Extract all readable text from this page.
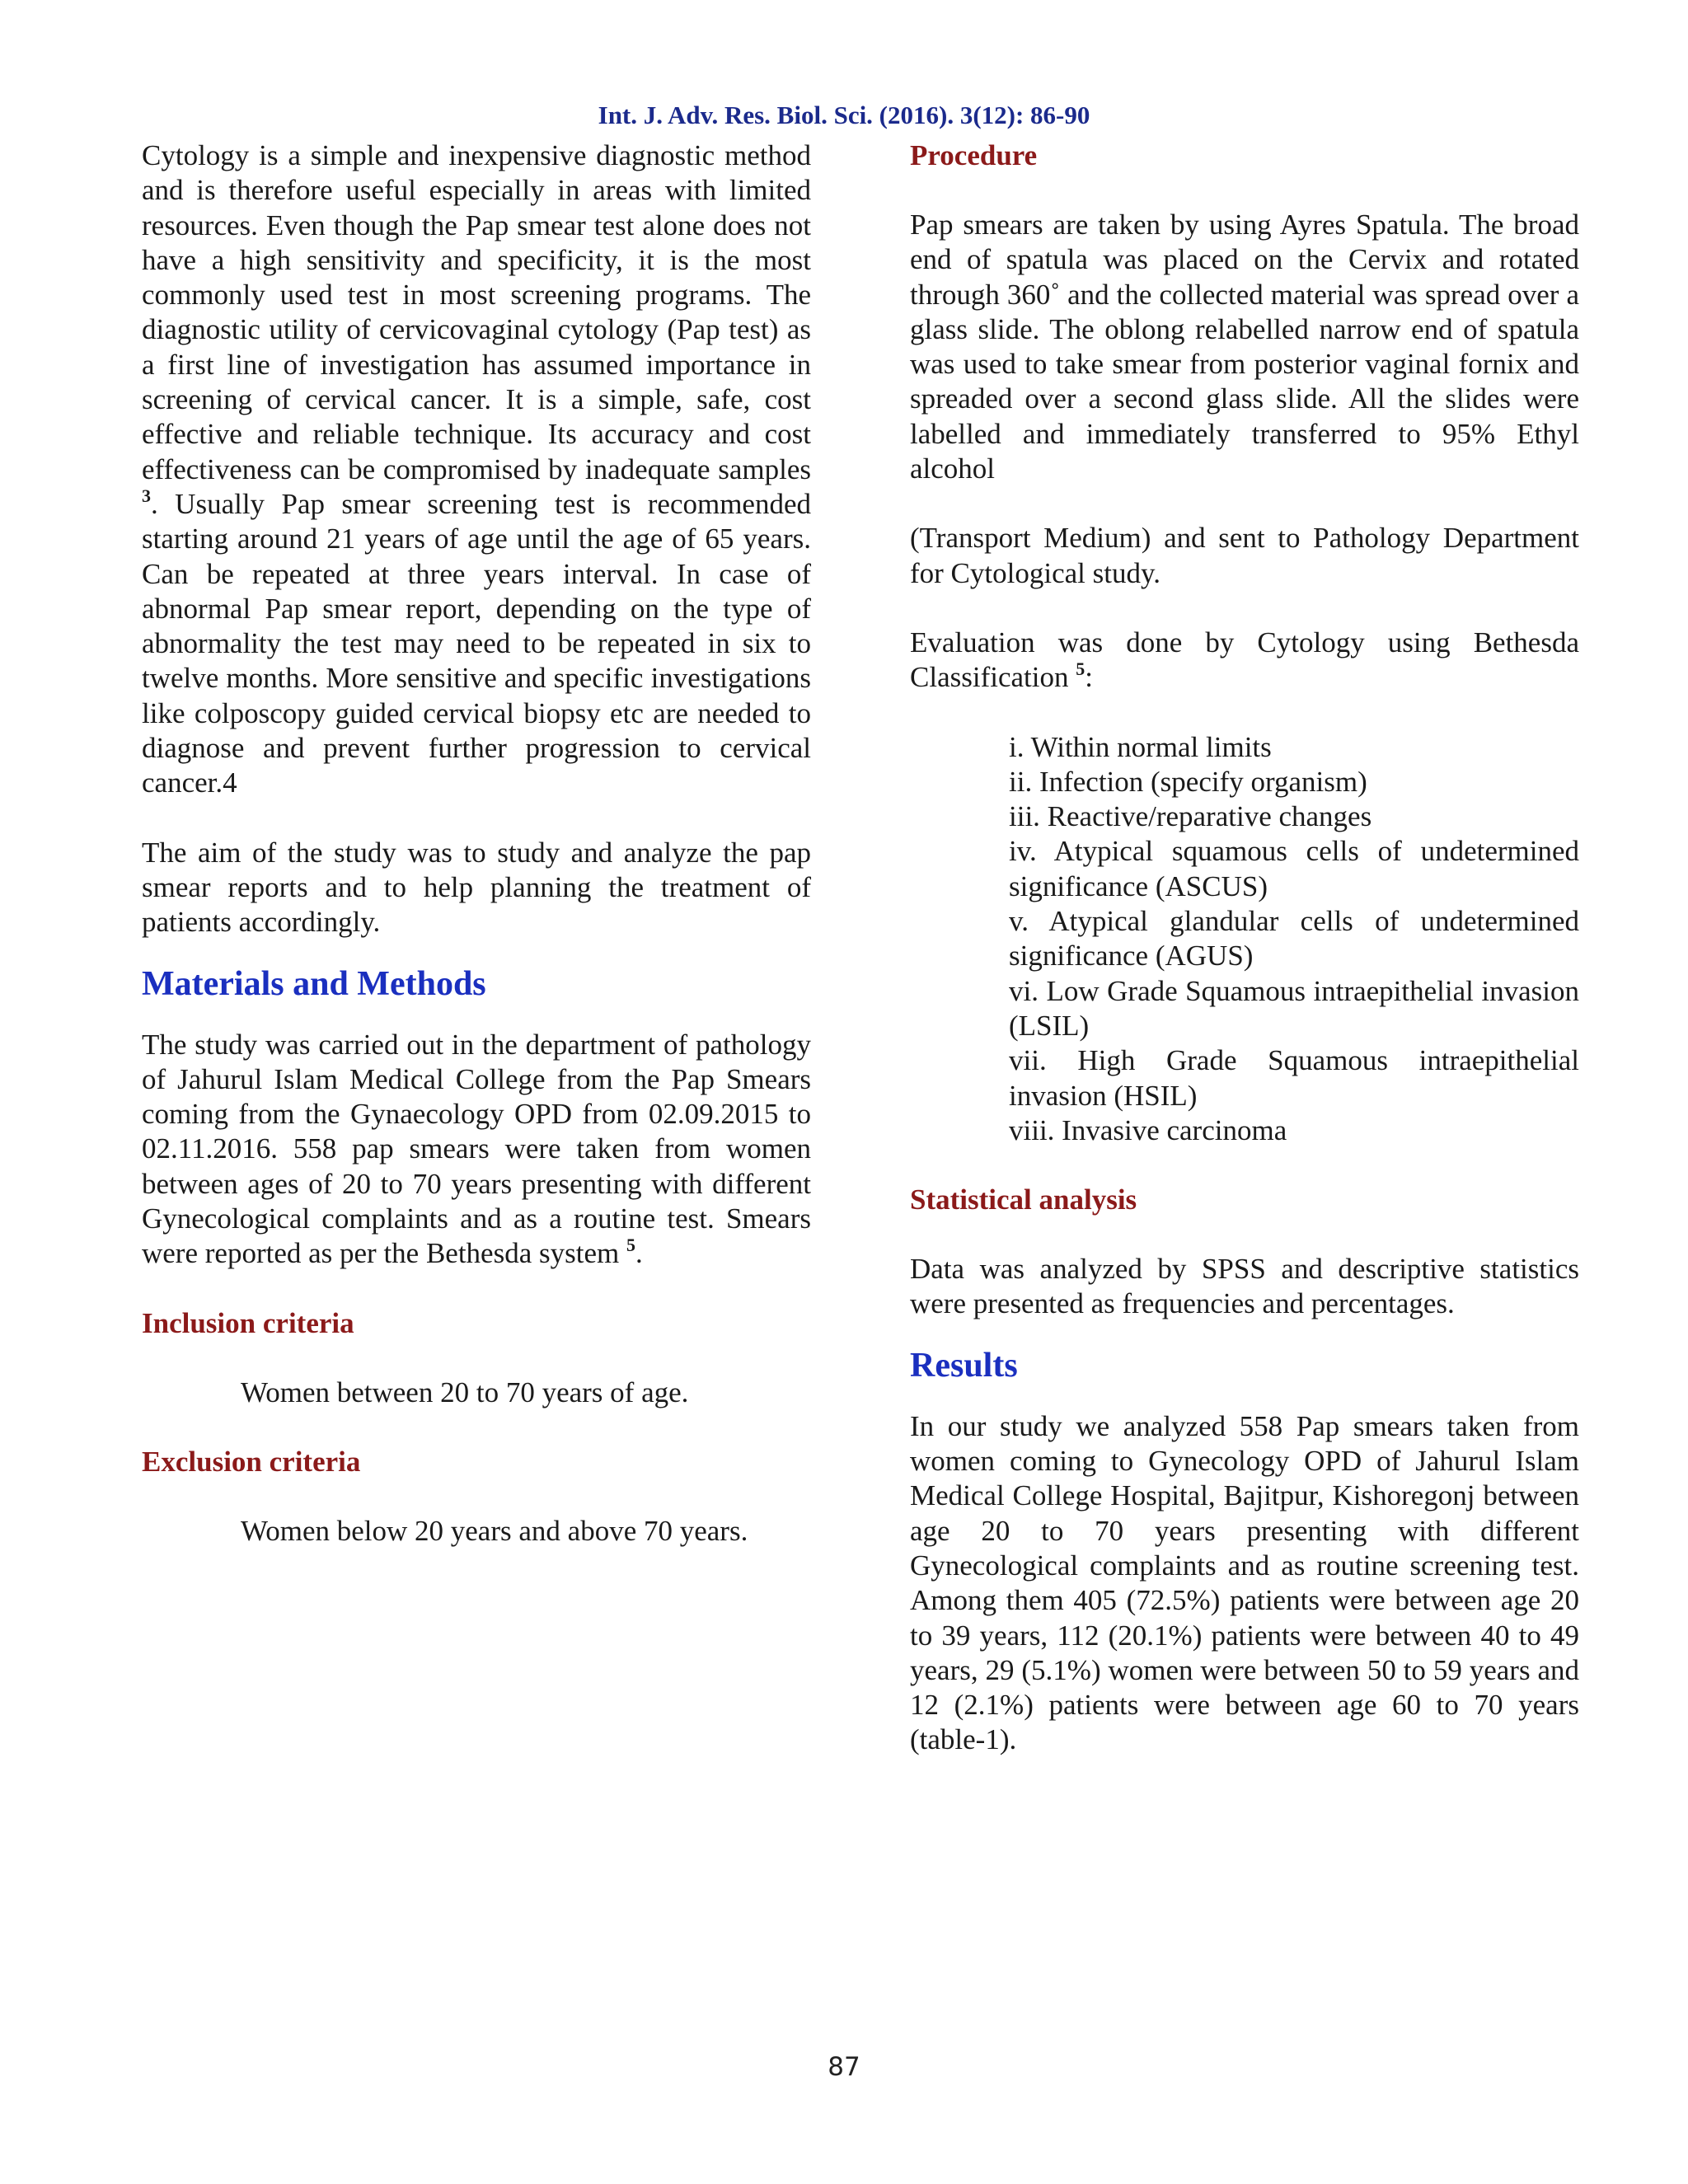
Int. J. Adv. Res. Biol. Sci. (2016). 3(12): 86-90

Cytology is a simple and inexpensive diagnostic method and is therefore useful especially in areas with limited resources. Even though the Pap smear test alone does not have a high sensitivity and specificity, it is the most commonly used test in most screening programs. The diagnostic utility of cervicovaginal cytology (Pap test) as a first line of investigation has assumed importance in screening of cervical cancer. It is a simple, safe, cost effective and reliable technique. Its accuracy and cost effectiveness can be compromised by inadequate samples $^3$. Usually Pap smear screening test is recommended starting around 21 years of age until the age of 65 years. Can be repeated at three years interval. In case of abnormal Pap smear report, depending on the type of abnormality the test may need to be repeated in six to twelve months. More sensitive and specific investigations like colposcopy guided cervical biopsy etc are needed to diagnose and prevent further progression to cervical cancer.4

The aim of the study was to study and analyze the pap smear reports and to help planning the treatment of patients accordingly.

Materials and Methods

The study was carried out in the department of pathology of Jahurul Islam Medical College from the Pap Smears coming from the Gynaecology OPD from 02.09.2015 to 02.11.2016. 558 pap smears were taken from women between ages of 20 to 70 years presenting with different Gynecological complaints and as a routine test. Smears were reported as per the Bethesda system $^5$.

Inclusion criteria

Women between 20 to 70 years of age.

Exclusion criteria

Women below 20 years and above 70 years.

Procedure

Pap smears are taken by using Ayres Spatula. The broad end of spatula was placed on the Cervix and rotated through 360˚ and the collected material was spread over a glass slide. The oblong relabelled narrow end of spatula was used to take smear from posterior vaginal fornix and spreaded over a second glass slide. All the slides were labelled and immediately transferred to 95% Ethyl alcohol

(Transport Medium) and sent to Pathology Department for Cytological study.

Evaluation was done by Cytology using Bethesda Classification $^5$:

i. Within normal limits
ii. Infection (specify organism)
iii. Reactive/reparative changes
iv. Atypical squamous cells of undetermined significance (ASCUS)
v. Atypical glandular cells of undetermined significance (AGUS)
vi. Low Grade Squamous intraepithelial invasion (LSIL)
vii. High Grade Squamous intraepithelial invasion (HSIL)
viii. Invasive carcinoma
Statistical analysis

Data was analyzed by SPSS and descriptive statistics were presented as frequencies and percentages.

Results

In our study we analyzed 558 Pap smears taken from women coming to Gynecology OPD of Jahurul Islam Medical College Hospital, Bajitpur, Kishoregonj between age 20 to 70 years presenting with different Gynecological complaints and as routine screening test. Among them 405 (72.5%) patients were between age 20 to 39 years, 112 (20.1%) patients were between 40 to 49 years, 29 (5.1%) women were between 50 to 59 years and 12 (2.1%) patients were between age 60 to 70 years (table-1).

87
